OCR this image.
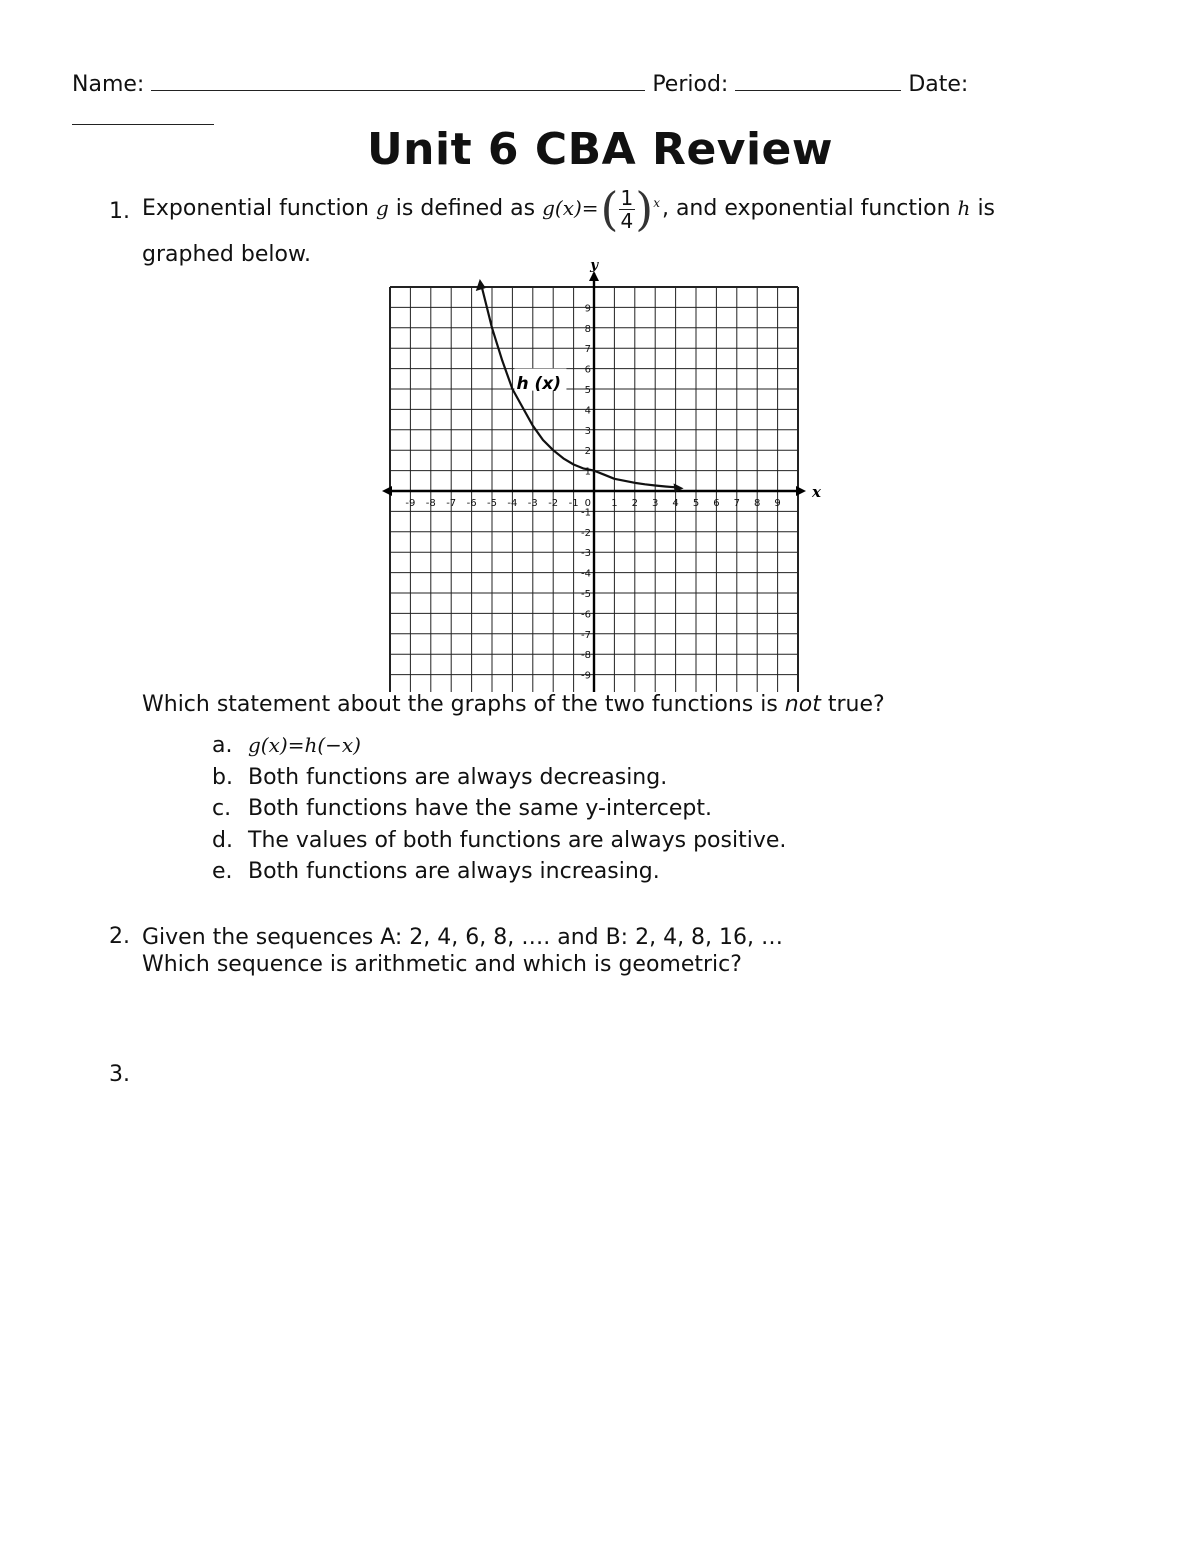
Name:	Period:	Date:
Unit 6 CBA Review
1. Exponential function g is defined as $g(x)=( \frac{1}{4} )^x$, and exponential function h is
graphed below.
x
y
-9 -8 -7 -6 -5 -4 -3 -2 -1	1 2 3 4 5 6 7 8 9
9
8
7
6
5
4
3
2
1
-1
-2
-3
-4
-5
-6
-7
-8
-9
0
h (x)
Which statement about the graphs of the two functions is not true?
a. g(x)=h(−x)
b. Both functions are always decreasing.
c. Both functions have the same y-intercept.
d. The values of both functions are always positive.
e. Both functions are always increasing.
2. Given the sequences A: 2, 4, 6, 8, …. and B: 2, 4, 8, 16, …
Which sequence is arithmetic and which is geometric?
3.
